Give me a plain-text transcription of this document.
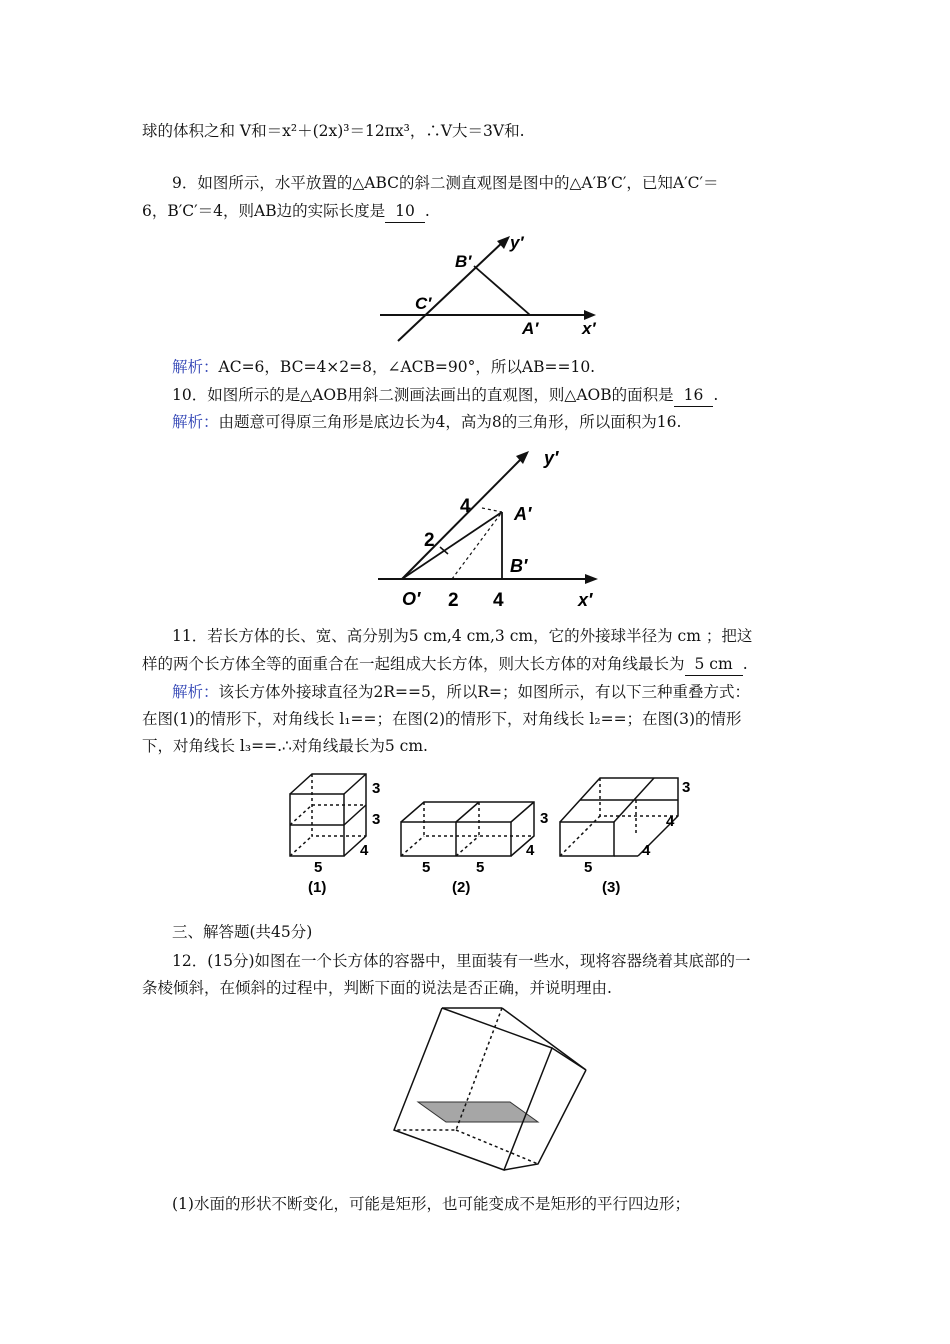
球的体积之和 V和＝x²＋(2x)³＝12πx³，∴V大＝3V和.
9．如图所示，水平放置的△ABC的斜二测直观图是图中的△A′B′C′，已知A′C′＝
6，B′C′＝4，则AB边的实际长度是 10 .
y′
B′
C′
A′	x′
解析：AC=6，BC=4×2=8，∠ACB=90°，所以AB==10.
10．如图所示的是△AOB用斜二测画法画出的直观图，则△AOB的面积是 16 .
解析：由题意可得原三角形是底边长为4，高为8的三角形，所以面积为16.
4
2
A′
B′
y′
O′ 2 4	x′
11．若长方体的长、宽、高分别为5 cm,4 cm,3 cm，它的外接球半径为 cm ；把这
样的两个长方体全等的面重合在一起组成大长方体，则大长方体的对角线最长为 5 cm .
解析：该长方体外接球直径为2R==5，所以R=；如图所示，有以下三种重叠方式：
在图(1)的情形下，对角线长 l₁==；在图(2)的情形下，对角线长 l₂==；在图(3)的情形
下，对角线长 l₃==.∴对角线最长为5 cm.
3
3
4
5
(1)
3
4
5	5
(2)
3
4
5
4
(3)
三、解答题(共45分)
12．(15分)如图在一个长方体的容器中，里面装有一些水，现将容器绕着其底部的一
条棱倾斜，在倾斜的过程中，判断下面的说法是否正确，并说明理由.
(1)水面的形状不断变化，可能是矩形，也可能变成不是矩形的平行四边形；
